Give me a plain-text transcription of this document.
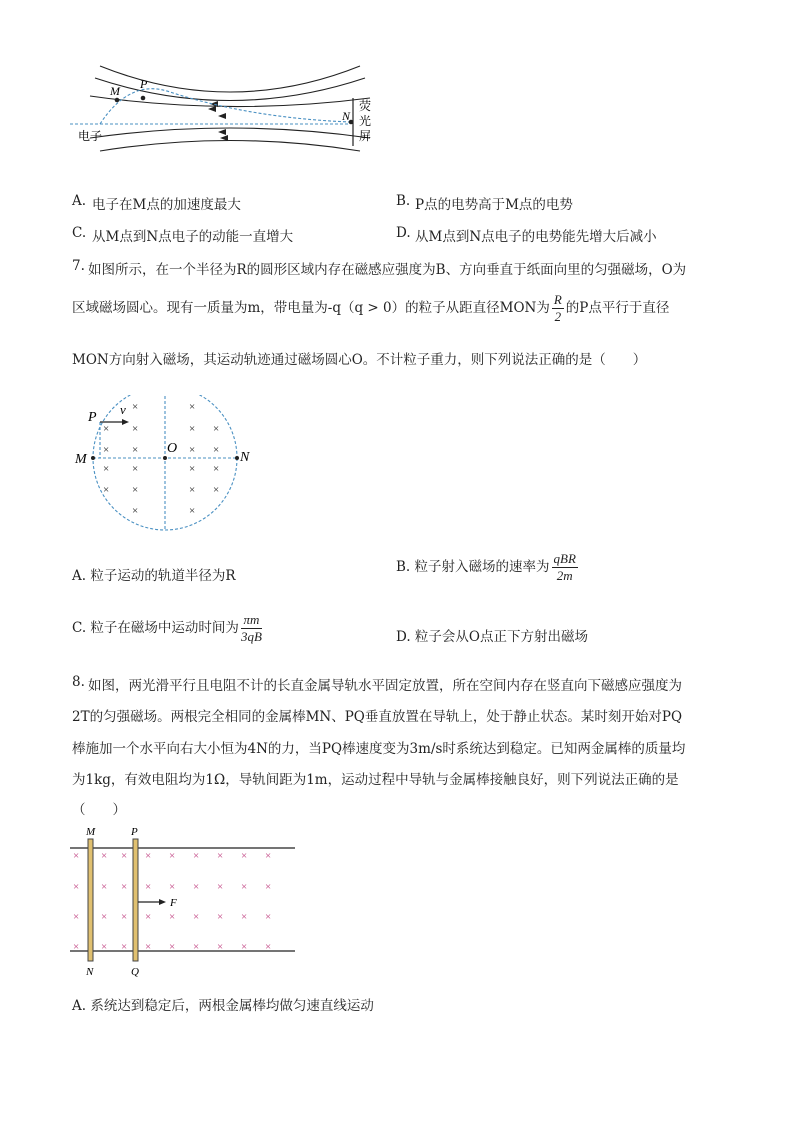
P
M
N
电子
荧
光
屏
电子在M点的加速度最大
A.	P点的电势高于M点的电势
B.
从M点到N点电子的动能一直增大
C.	从M点到N点电子的电势能先增大后减小
D.
7. 如图所示，在一个半径为R的圆形区域内存在磁感应强度为B、方向垂直于纸面向里的匀强磁场，O为
区域磁场圆心。现有一质量为m，带电量为-q（q > 0）的粒子从距直径MON为 $\frac{R}{2}$ 的P点平行于直径
MON方向射入磁场，其运动轨迹通过磁场圆心O。不计粒子重力，则下列说法正确的是（　　）
×	×
× ×	× ×
× ×	× ×
× ×	× ×
× ×	× ×
×	×
P
v
O
M	N
A. 粒子运动的轨道半径为R
B. 粒子射入磁场的速率为 $\frac{\text{qBR}}{2m}$
C. 粒子在磁场中运动时间为 $\frac{\pi m}{3qB}$	D. 粒子会从O点正下方射出磁场
8. 如图，两光滑平行且电阻不计的长直金属导轨水平固定放置，所在空间内存在竖直向下磁感应强度为
2T的匀强磁场。两根完全相同的金属棒MN、PQ垂直放置在导轨上，处于静止状态。某时刻开始对PQ
棒施加一个水平向右大小恒为4N的力，当PQ棒速度变为3m/s时系统达到稳定。已知两金属棒的质量均
为1kg，有效电阻均为1Ω，导轨间距为1m，运动过程中导轨与金属棒接触良好，则下列说法正确的是
（　　）
× × × × × × × × ×
× × × × × × × × ×
× × × × × × × × ×
× × × × × × × × ×
M	P
N	Q
F
A. 系统达到稳定后，两根金属棒均做匀速直线运动
